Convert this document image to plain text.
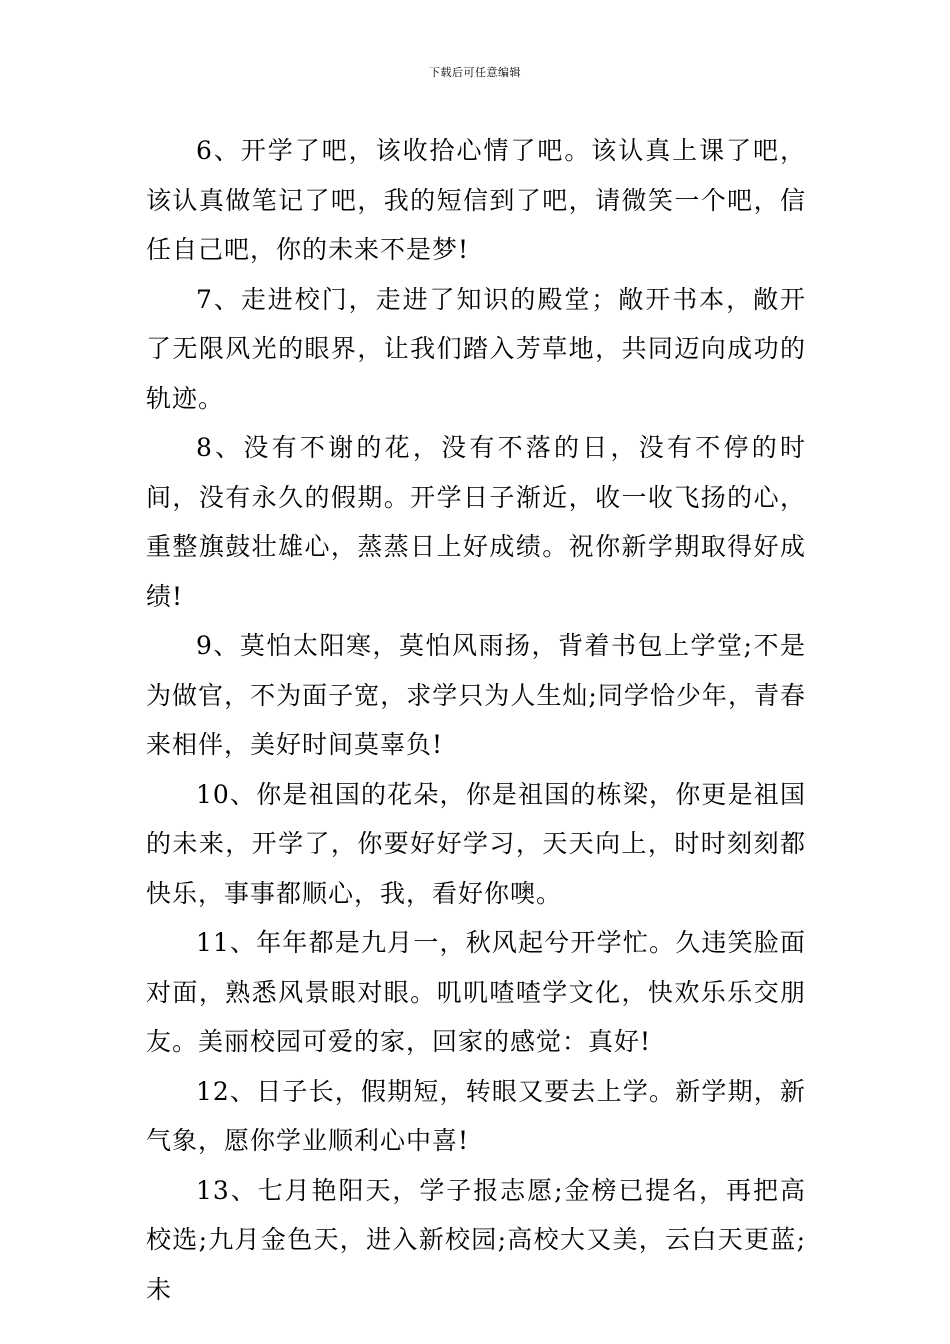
下载后可任意编辑

6、开学了吧，该收拾心情了吧。该认真上课了吧，该认真做笔记了吧，我的短信到了吧，请微笑一个吧，信任自己吧，你的未来不是梦!

7、走进校门，走进了知识的殿堂；敞开书本，敞开了无限风光的眼界，让我们踏入芳草地，共同迈向成功的轨迹。

8、没有不谢的花，没有不落的日，没有不停的时间，没有永久的假期。开学日子渐近，收一收飞扬的心，重整旗鼓壮雄心，蒸蒸日上好成绩。祝你新学期取得好成绩!

9、莫怕太阳寒，莫怕风雨扬，背着书包上学堂;不是为做官，不为面子宽，求学只为人生灿;同学恰少年，青春来相伴，美好时间莫辜负!

10、你是祖国的花朵，你是祖国的栋梁，你更是祖国的未来，开学了，你要好好学习，天天向上，时时刻刻都快乐，事事都顺心，我，看好你噢。

11、年年都是九月一，秋风起兮开学忙。久违笑脸面对面，熟悉风景眼对眼。叽叽喳喳学文化，快欢乐乐交朋友。美丽校园可爱的家，回家的感觉：真好!

12、日子长，假期短，转眼又要去上学。新学期，新气象，愿你学业顺利心中喜!

13、七月艳阳天，学子报志愿;金榜已提名，再把高校选;九月金色天，进入新校园;高校大又美，云白天更蓝;未
